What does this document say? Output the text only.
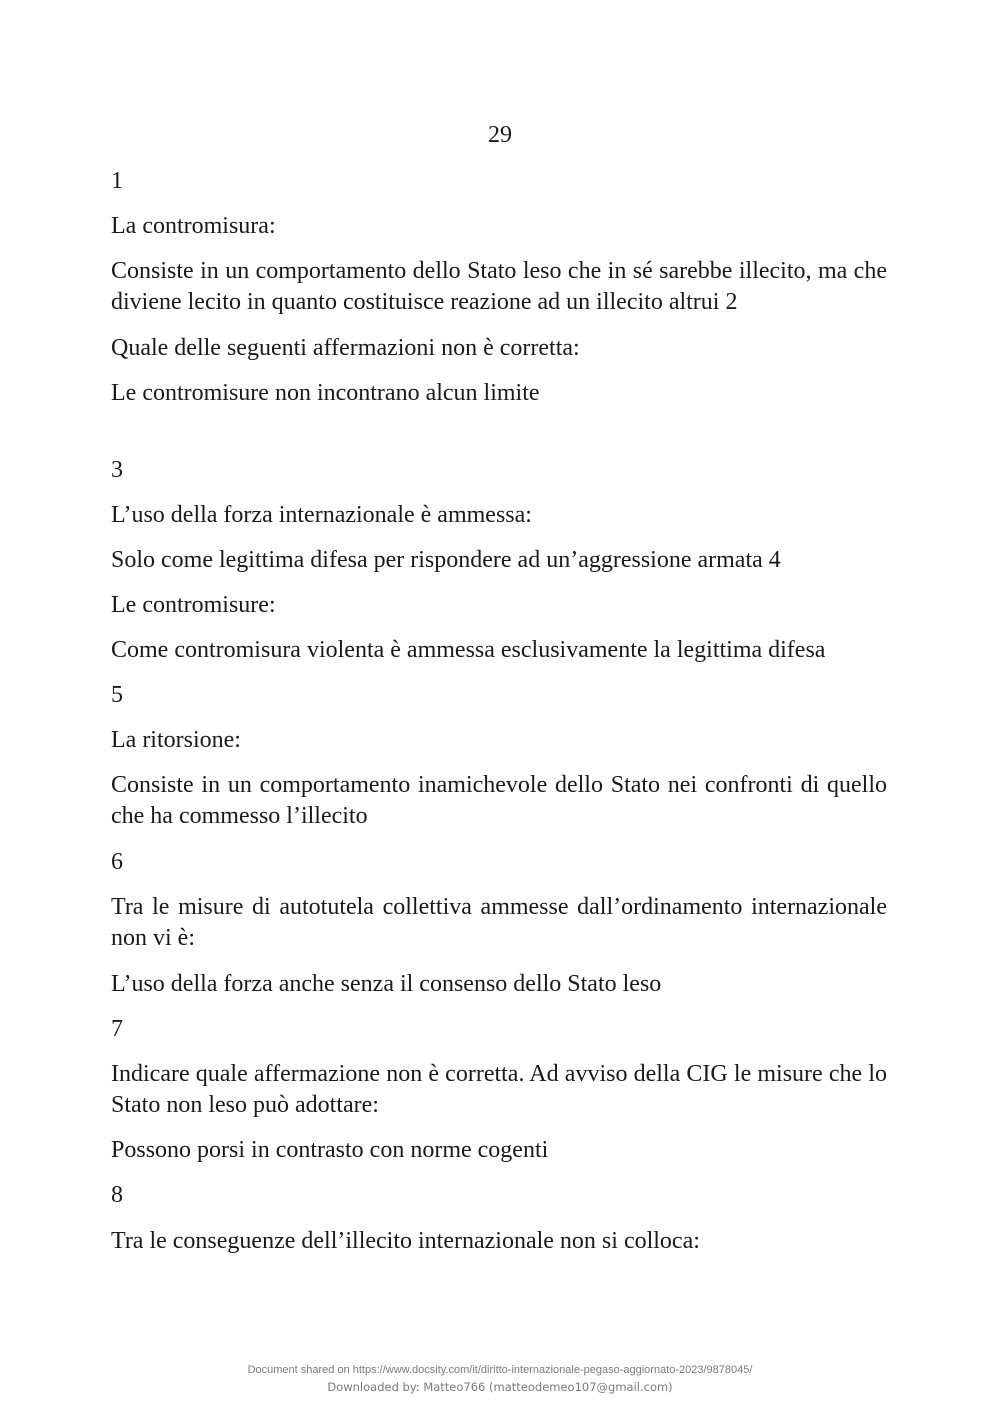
29
1
La contromisura:
Consiste in un comportamento dello Stato leso che in sé sarebbe illecito, ma che diviene lecito in quanto costituisce reazione ad un illecito altrui 2
Quale delle seguenti affermazioni non è corretta:
Le contromisure non incontrano alcun limite
3
L’uso della forza internazionale è ammessa:
Solo come legittima difesa per rispondere ad un’aggressione armata 4
Le contromisure:
Come contromisura violenta è ammessa esclusivamente la legittima difesa
5
La ritorsione:
Consiste in un comportamento inamichevole dello Stato nei confronti di quello che ha commesso l’illecito
6
Tra le misure di autotutela collettiva ammesse dall’ordinamento internazionale non vi è:
L’uso della forza anche senza il consenso dello Stato leso
7
Indicare quale affermazione non è corretta. Ad avviso della CIG le misure che lo Stato non leso può adottare:
Possono porsi in contrasto con norme cogenti
8
Tra le conseguenze dell’illecito internazionale non si colloca:
Document shared on https://www.docsity.com/it/diritto-internazionale-pegaso-aggiornato-2023/9878045/
Downloaded by: Matteo766 (matteodemeo107@gmail.com)
